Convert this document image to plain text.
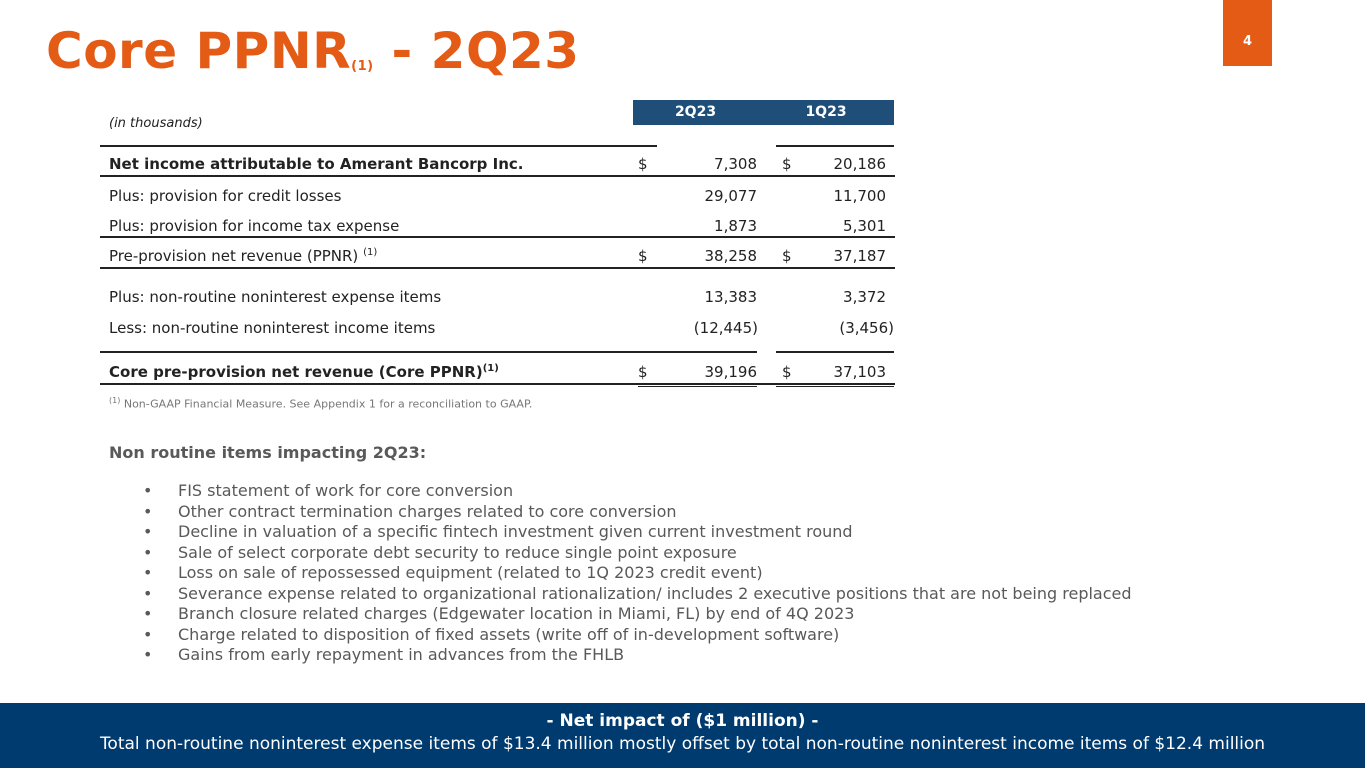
Core PPNR(1) - 2Q23	4
(in thousands)
2Q23	1Q23
Net income attributable to Amerant Bancorp Inc.	$	7,308 $	20,186
Plus: provision for credit losses	29,077	11,700
Plus: provision for income tax expense	1,873	5,301
Pre-provision net revenue (PPNR) $^{(1)}$	$	38,258 $	37,187
Plus: non-routine noninterest expense items	13,383	3,372
Less: non-routine noninterest income items	(12,445)	(3,456)
Core pre-provision net revenue (Core PPNR)$^{(1)}$	$	39,196 $	37,103
$^{(1)}$ Non-GAAP Financial Measure. See Appendix 1 for a reconciliation to GAAP.
Non routine items impacting 2Q23:
• FIS statement of work for core conversion
• Other contract termination charges related to core conversion
• Decline in valuation of a specific fintech investment given current investment round
• Sale of select corporate debt security to reduce single point exposure
• Loss on sale of repossessed equipment (related to 1Q 2023 credit event)
• Severance expense related to organizational rationalization/ includes 2 executive positions that are not being replaced
• Branch closure related charges (Edgewater location in Miami, FL) by end of 4Q 2023
• Charge related to disposition of fixed assets (write off of in-development software)
• Gains from early repayment in advances from the FHLB
- Net impact of ($1 million) -
Total non-routine noninterest expense items of $13.4 million mostly offset by total non-routine noninterest income items of $12.4 million
